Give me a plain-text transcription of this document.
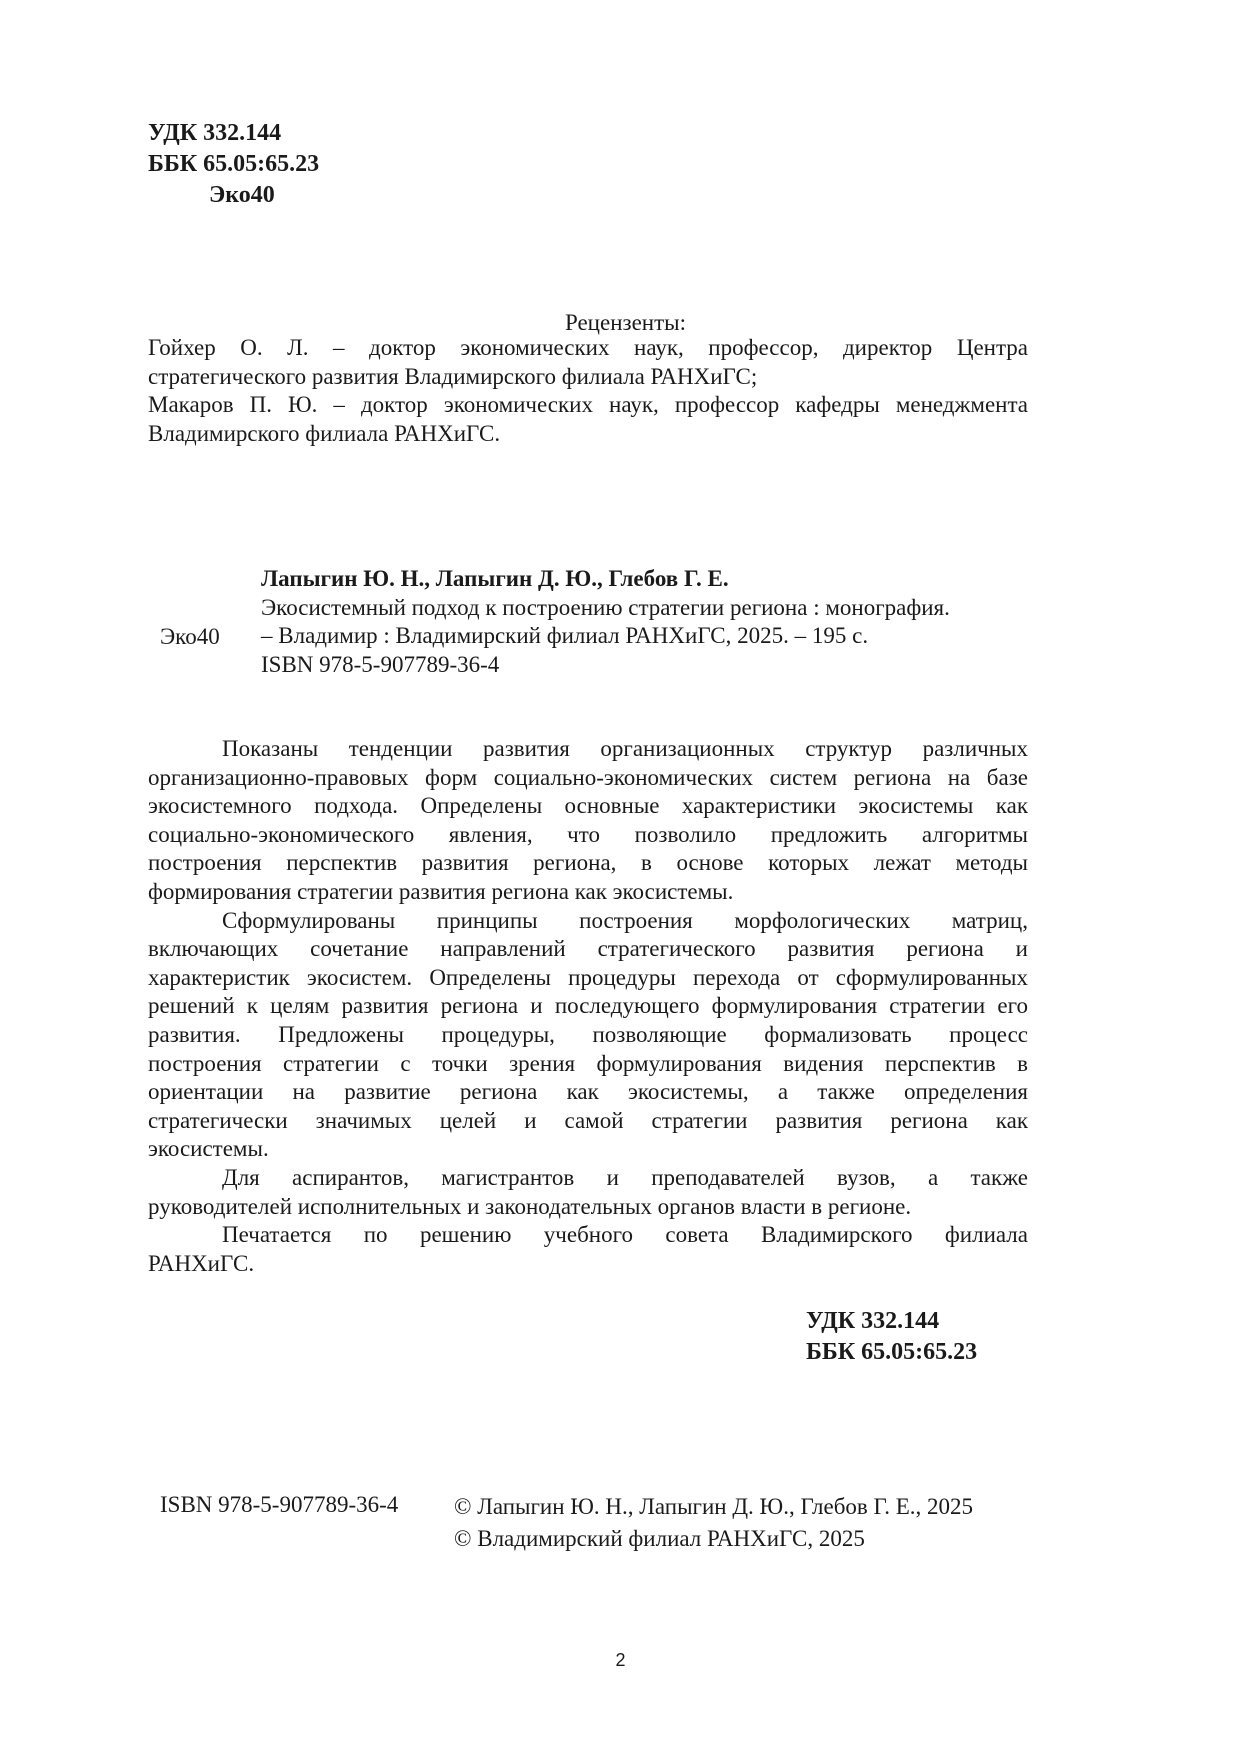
УДК 332.144
ББК 65.05:65.23
Эко40
Рецензенты:
Гойхер О. Л. – доктор экономических наук, профессор, директор Центра
стратегического развития Владимирского филиала РАНХиГС;
Макаров П. Ю. – доктор экономических наук, профессор кафедры менеджмента
Владимирского филиала РАНХиГС.
Эко40
Лапыгин Ю. Н., Лапыгин Д. Ю., Глебов Г. Е.
Экосистемный подход к построению стратегии региона : монография.
– Владимир : Владимирский филиал РАНХиГС, 2025. – 195 с.
ISBN 978-5-907789-36-4
Показаны тенденции развития организационных структур различных
организационно-правовых форм социально-экономических систем региона на базе
экосистемного подхода. Определены основные характеристики экосистемы как
социально-экономического явления, что позволило предложить алгоритмы
построения перспектив развития региона, в основе которых лежат методы
формирования стратегии развития региона как экосистемы.
Сформулированы принципы построения морфологических матриц,
включающих сочетание направлений стратегического развития региона и
характеристик экосистем. Определены процедуры перехода от сформулированных
решений к целям развития региона и последующего формулирования стратегии его
развития. Предложены процедуры, позволяющие формализовать процесс
построения стратегии с точки зрения формулирования видения перспектив в
ориентации на развитие региона как экосистемы, а также определения
стратегически значимых целей и самой стратегии развития региона как
экосистемы.
Для аспирантов, магистрантов и преподавателей вузов, а также
руководителей исполнительных и законодательных органов власти в регионе.
Печатается по решению учебного совета Владимирского филиала
РАНХиГС.
УДК 332.144
ББК 65.05:65.23
ISBN 978-5-907789-36-4 © Лапыгин Ю. Н., Лапыгин Д. Ю., Глебов Г. Е., 2025
© Владимирский филиал РАНХиГС, 2025
2
